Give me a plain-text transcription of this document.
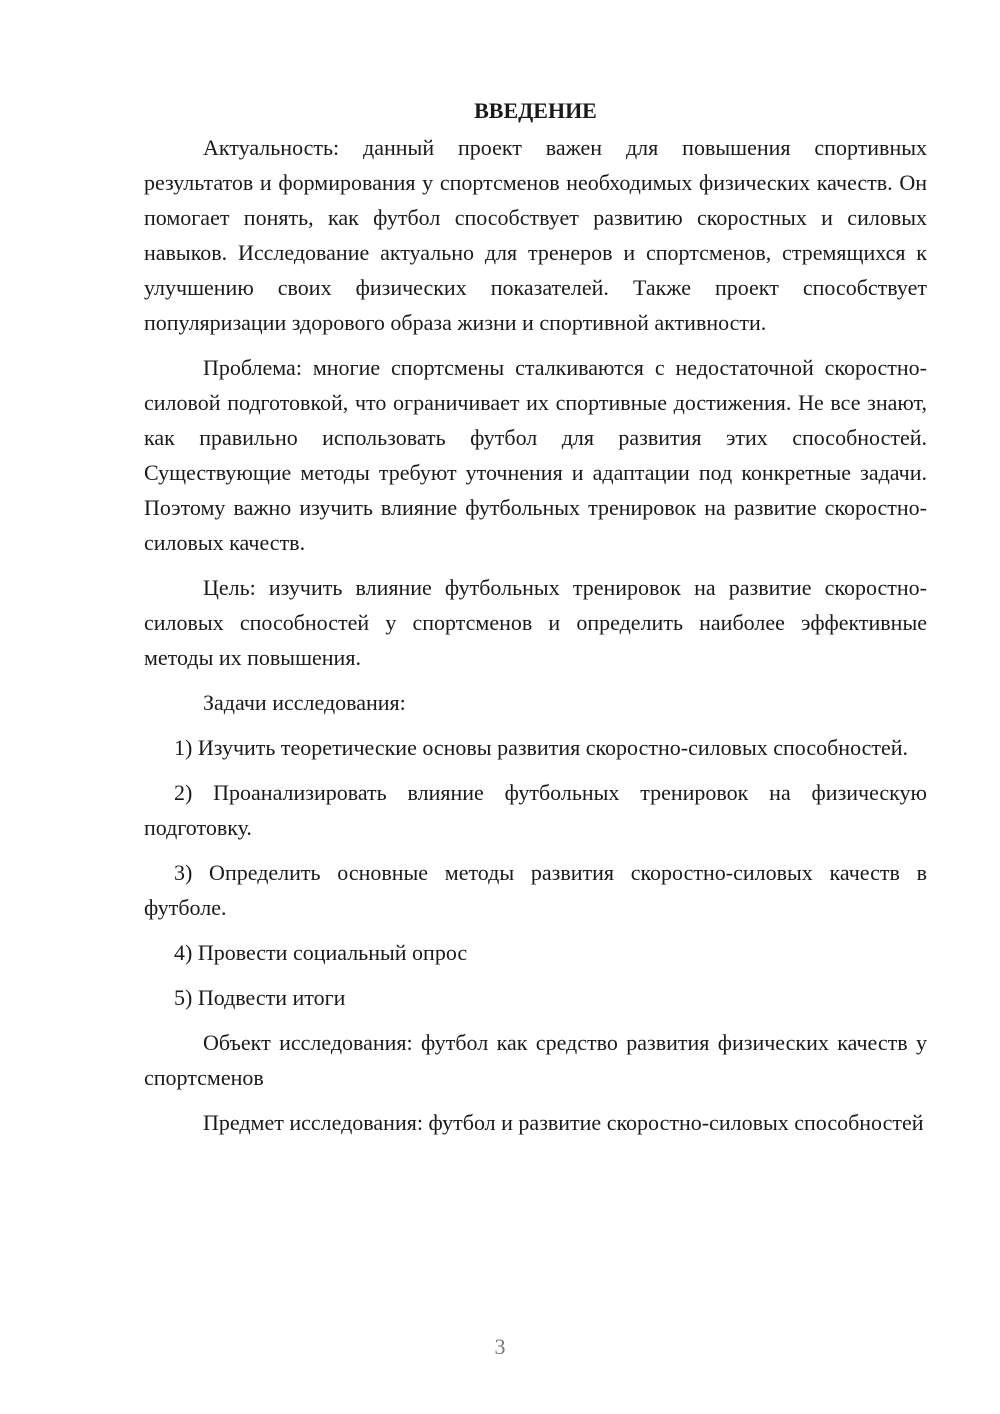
ВВЕДЕНИЕ

Актуальность: данный проект важен для повышения спортивных результатов и формирования у спортсменов необходимых физических качеств. Он помогает понять, как футбол способствует развитию скоростных и силовых навыков. Исследование актуально для тренеров и спортсменов, стремящихся к улучшению своих физических показателей. Также проект способствует популяризации здорового образа жизни и спортивной активности.

Проблема: многие спортсмены сталкиваются с недостаточной скоростно-силовой подготовкой, что ограничивает их спортивные достижения. Не все знают, как правильно использовать футбол для развития этих способностей. Существующие методы требуют уточнения и адаптации под конкретные задачи. Поэтому важно изучить влияние футбольных тренировок на развитие скоростно-силовых качеств.

Цель: изучить влияние футбольных тренировок на развитие скоростно-силовых способностей у спортсменов и определить наиболее эффективные методы их повышения.

Задачи исследования:

1) Изучить теоретические основы развития скоростно-силовых способностей.

2) Проанализировать влияние футбольных тренировок на физическую подготовку.

3) Определить основные методы развития скоростно-силовых качеств в футболе.

4) Провести социальный опрос

5) Подвести итоги

Объект исследования: футбол как средство развития физических качеств у спортсменов

Предмет исследования: футбол и развитие скоростно-силовых способностей

3
